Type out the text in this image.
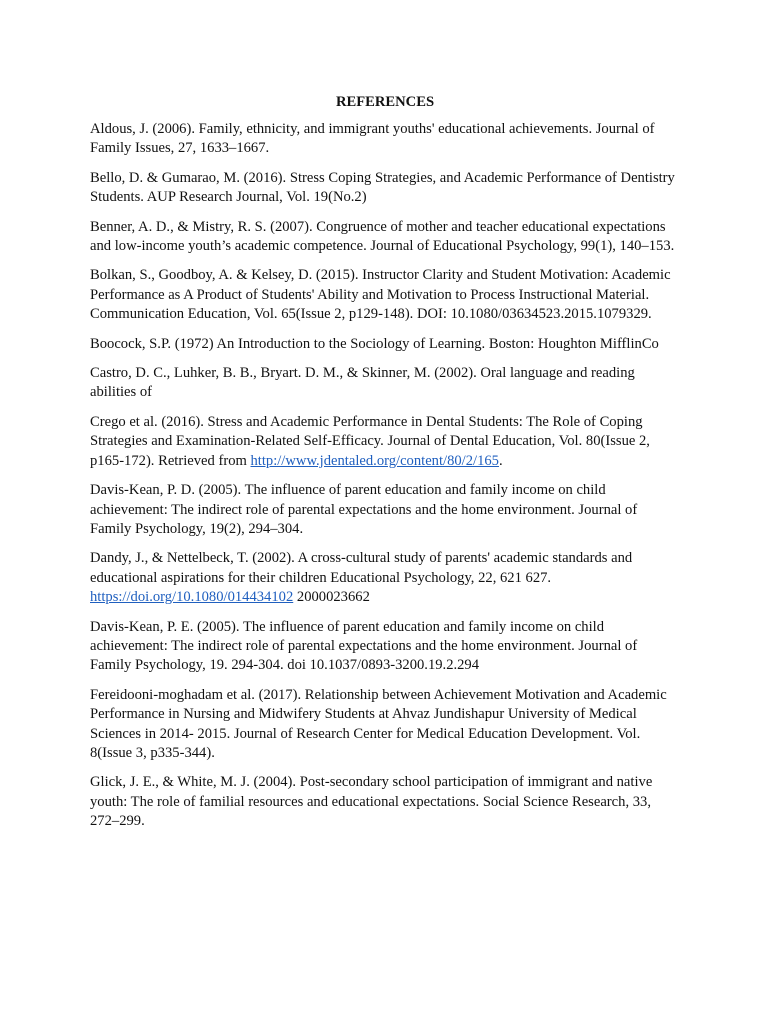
REFERENCES

Aldous, J. (2006). Family, ethnicity, and immigrant youths' educational achievements. Journal of Family Issues, 27, 1633–1667.

Bello, D. & Gumarao, M. (2016). Stress Coping Strategies, and Academic Performance of Dentistry Students. AUP Research Journal, Vol. 19(No.2)

Benner, A. D., & Mistry, R. S. (2007). Congruence of mother and teacher educational expectations and low-income youth’s academic competence. Journal of Educational Psychology, 99(1), 140–153.

Bolkan, S., Goodboy, A. & Kelsey, D. (2015). Instructor Clarity and Student Motivation: Academic Performance as A Product of Students' Ability and Motivation to Process Instructional Material. Communication Education, Vol. 65(Issue 2, p129-148). DOI: 10.1080/03634523.2015.1079329.

Boocock, S.P. (1972) An Introduction to the Sociology of Learning. Boston: Houghton MifflinCo

Castro, D. C., Luhker, B. B., Bryart. D. M., & Skinner, M. (2002). Oral language and reading abilities of

Crego et al. (2016). Stress and Academic Performance in Dental Students: The Role of Coping Strategies and Examination-Related Self-Efficacy. Journal of Dental Education, Vol. 80(Issue 2, p165-172). Retrieved from http://www.jdentaled.org/content/80/2/165.

Davis-Kean, P. D. (2005). The influence of parent education and family income on child achievement: The indirect role of parental expectations and the home environment. Journal of Family Psychology, 19(2), 294–304.

Dandy, J., & Nettelbeck, T. (2002). A cross-cultural study of parents' academic standards and educational aspirations for their children Educational Psychology, 22, 621 627. https://doi.org/10.1080/014434102 2000023662

Davis-Kean, P. E. (2005). The influence of parent education and family income on child achievement: The indirect role of parental expectations and the home environment. Journal of Family Psychology, 19. 294-304. doi 10.1037/0893-3200.19.2.294

Fereidooni-moghadam et al. (2017). Relationship between Achievement Motivation and Academic Performance in Nursing and Midwifery Students at Ahvaz Jundishapur University of Medical Sciences in 2014- 2015. Journal of Research Center for Medical Education Development. Vol. 8(Issue 3, p335-344).

Glick, J. E., & White, M. J. (2004). Post-secondary school participation of immigrant and native youth: The role of familial resources and educational expectations. Social Science Research, 33, 272–299.
